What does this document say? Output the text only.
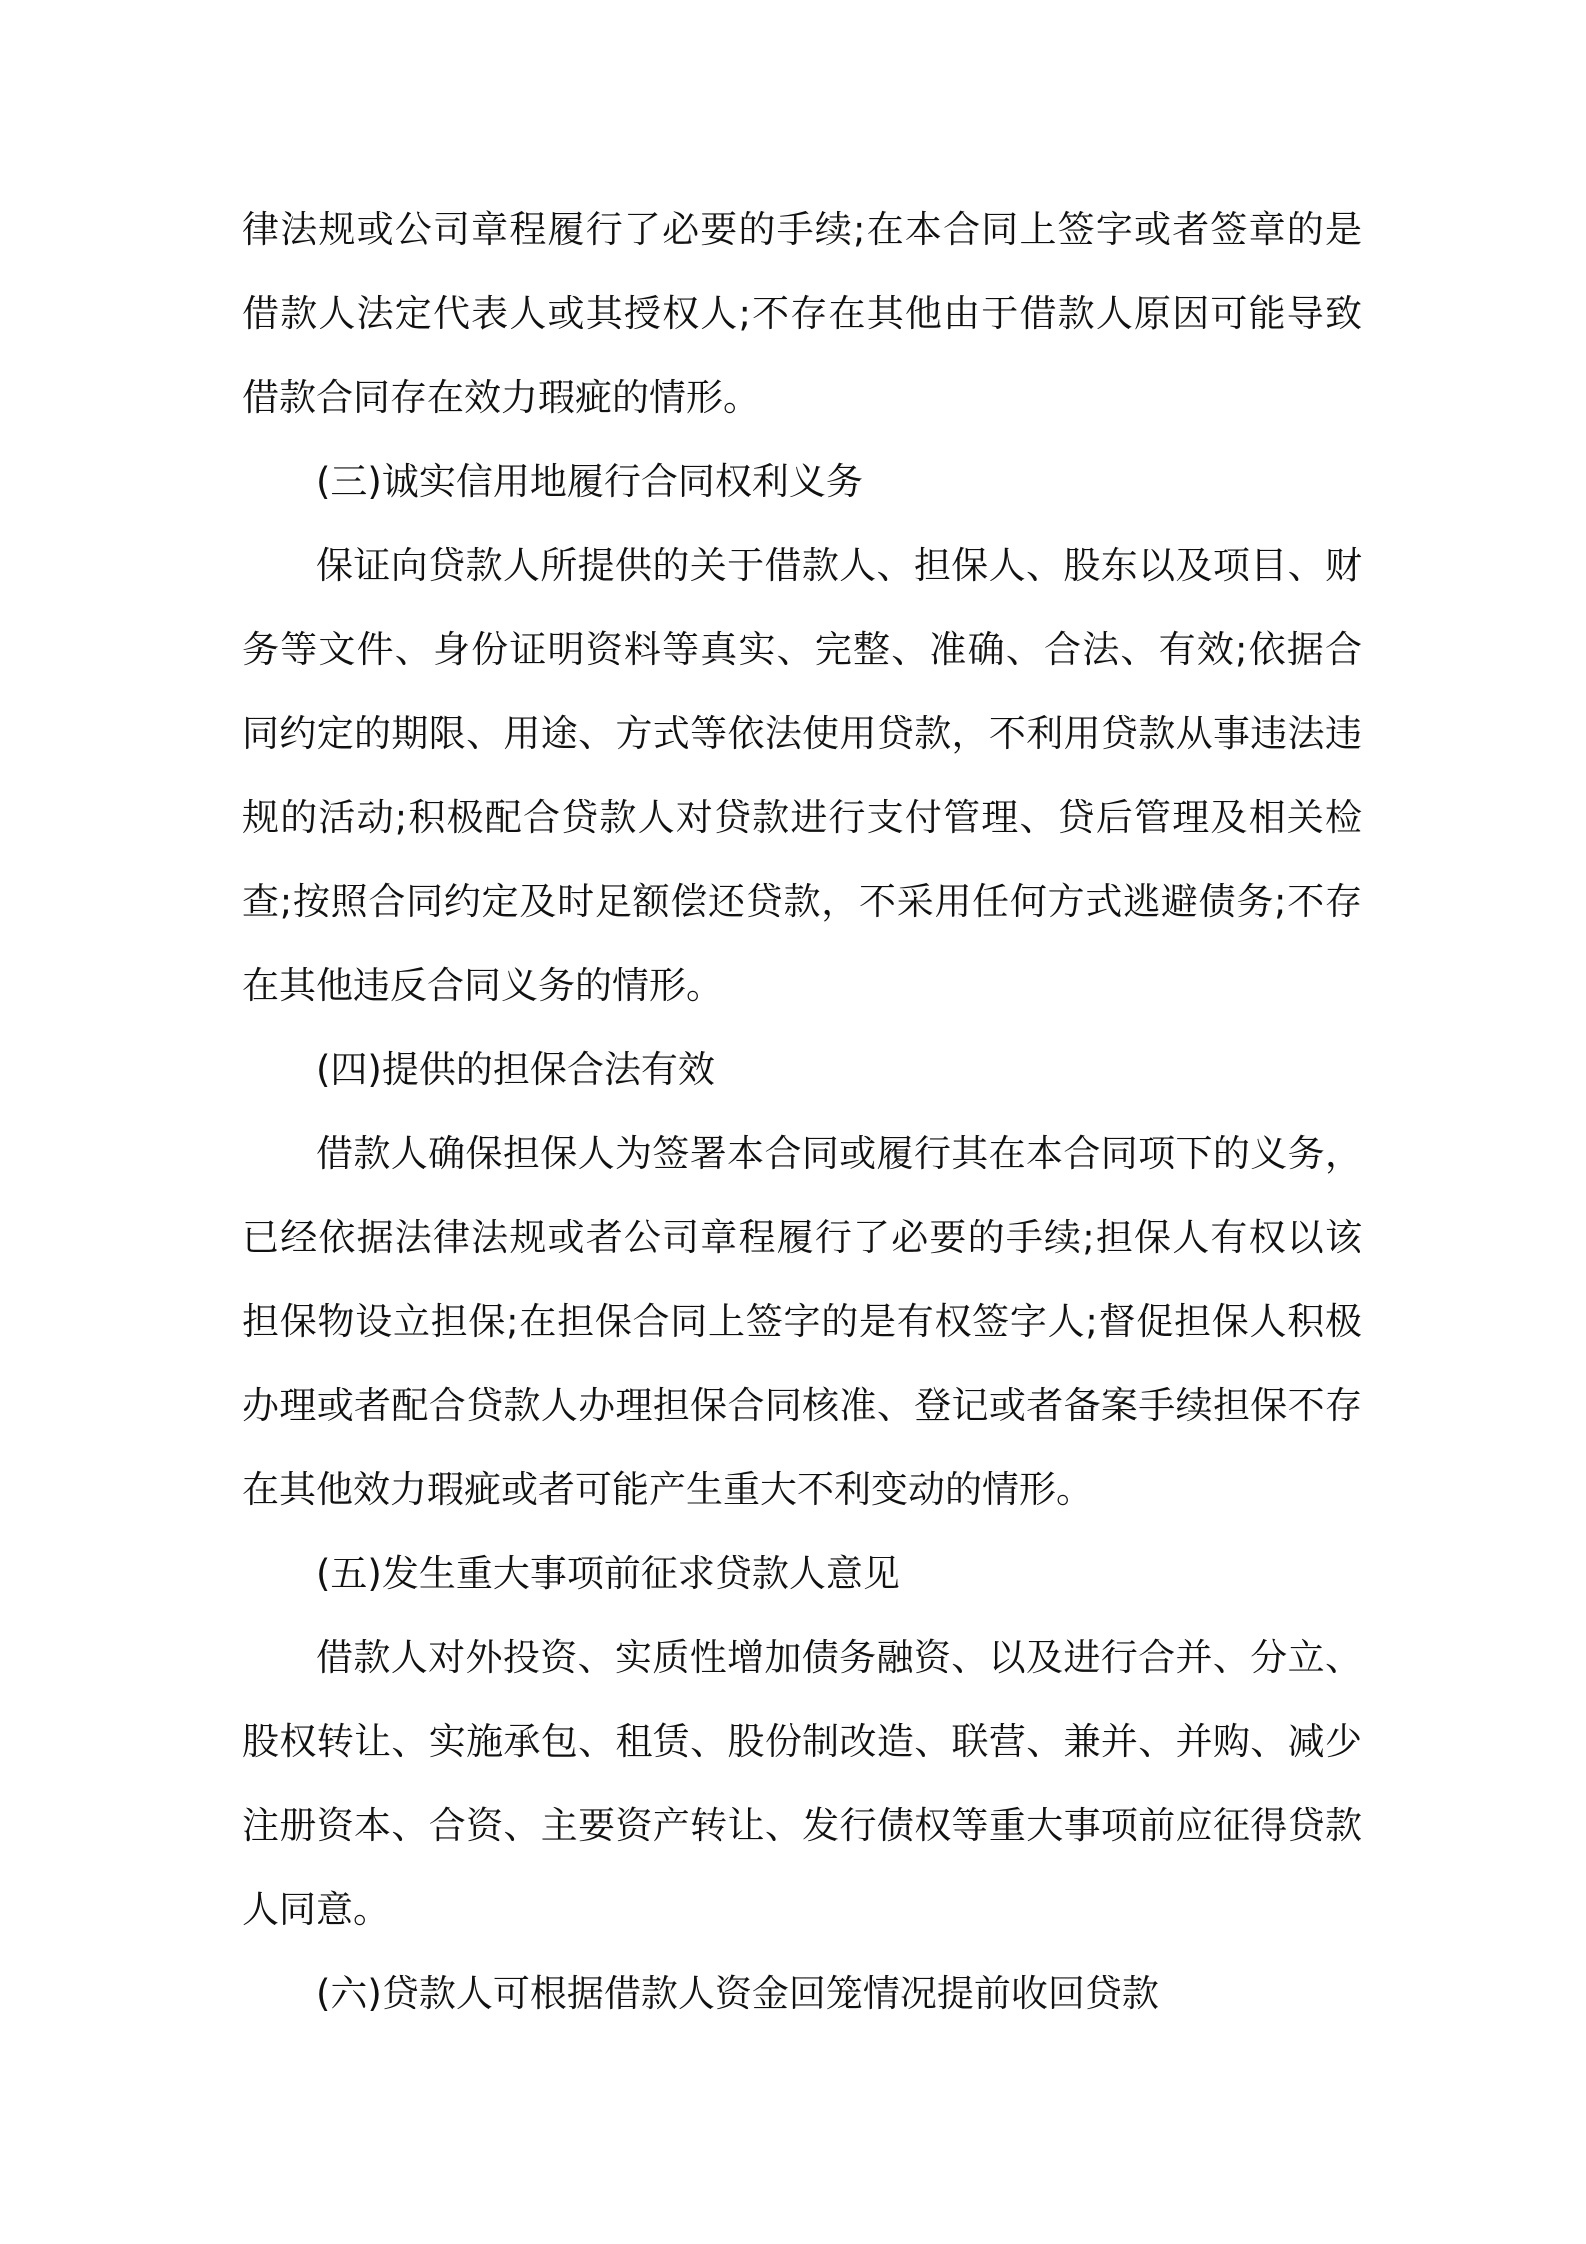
律法规或公司章程履行了必要的手续;在本合同上签字或者签章的是
借款人法定代表人或其授权人;不存在其他由于借款人原因可能导致
借款合同存在效力瑕疵的情形。
(三)诚实信用地履行合同权利义务
保证向贷款人所提供的关于借款人、担保人、股东以及项目、财
务等文件、身份证明资料等真实、完整、准确、合法、有效;依据合
同约定的期限、用途、方式等依法使用贷款，不利用贷款从事违法违
规的活动;积极配合贷款人对贷款进行支付管理、贷后管理及相关检
查;按照合同约定及时足额偿还贷款，不采用任何方式逃避债务;不存
在其他违反合同义务的情形。
(四)提供的担保合法有效
借款人确保担保人为签署本合同或履行其在本合同项下的义务，
已经依据法律法规或者公司章程履行了必要的手续;担保人有权以该
担保物设立担保;在担保合同上签字的是有权签字人;督促担保人积极
办理或者配合贷款人办理担保合同核准、登记或者备案手续担保不存
在其他效力瑕疵或者可能产生重大不利变动的情形。
(五)发生重大事项前征求贷款人意见
借款人对外投资、实质性增加债务融资、以及进行合并、分立、
股权转让、实施承包、租赁、股份制改造、联营、兼并、并购、减少
注册资本、合资、主要资产转让、发行债权等重大事项前应征得贷款
人同意。
(六)贷款人可根据借款人资金回笼情况提前收回贷款
